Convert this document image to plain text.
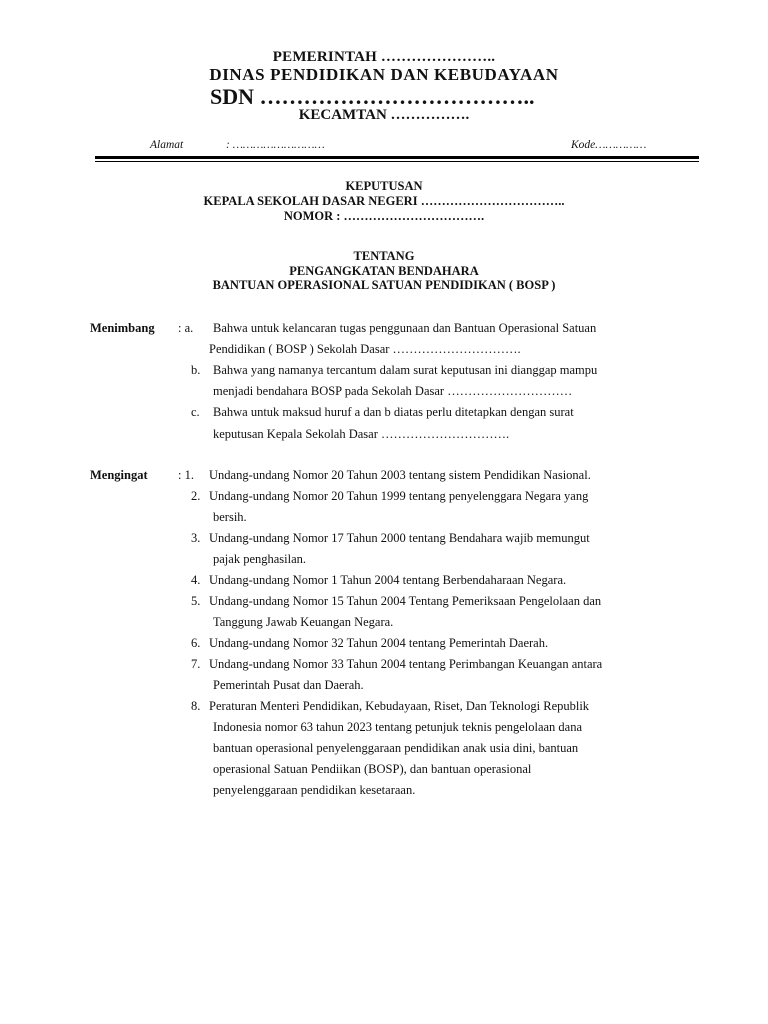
PEMERINTAH …………………..
DINAS PENDIDIKAN DAN KEBUDAYAAN
SDN ………………………………..
KECAMTAN …………….
Alamat	: ………………………	Kode……………
KEPUTUSAN
KEPALA SEKOLAH DASAR NEGERI ……………………………..
NOMOR : …………………………….
TENTANG
PENGANGKATAN BENDAHARA
BANTUAN OPERASIONAL SATUAN PENDIDIKAN ( BOSP )
Menimbang : a. Bahwa untuk kelancaran tugas penggunaan dan Bantuan Operasional Satuan
Pendidikan ( BOSP ) Sekolah Dasar ………………………….
b. Bahwa yang namanya tercantum dalam surat keputusan ini dianggap mampu
menjadi bendahara BOSP pada Sekolah Dasar …………………………
c. Bahwa untuk maksud huruf a dan b diatas perlu ditetapkan dengan surat
keputusan Kepala Sekolah Dasar ………………………….
Mengingat : 1. Undang-undang Nomor 20 Tahun 2003 tentang sistem Pendidikan Nasional.
2. Undang-undang Nomor 20 Tahun 1999 tentang penyelenggara Negara yang
bersih.
3. Undang-undang Nomor 17 Tahun 2000 tentang Bendahara wajib memungut
pajak penghasilan.
4. Undang-undang Nomor 1 Tahun 2004 tentang Berbendaharaan Negara.
5. Undang-undang Nomor 15 Tahun 2004 Tentang Pemeriksaan Pengelolaan dan
Tanggung Jawab Keuangan Negara.
6. Undang-undang Nomor 32 Tahun 2004 tentang Pemerintah Daerah.
7. Undang-undang Nomor 33 Tahun 2004 tentang Perimbangan Keuangan antara
Pemerintah Pusat dan Daerah.
8. Peraturan Menteri Pendidikan, Kebudayaan, Riset, Dan Teknologi Republik
Indonesia nomor 63 tahun 2023 tentang petunjuk teknis pengelolaan dana
bantuan operasional penyelenggaraan pendidikan anak usia dini, bantuan
operasional Satuan Pendiikan (BOSP), dan bantuan operasional
penyelenggaraan pendidikan kesetaraan.
